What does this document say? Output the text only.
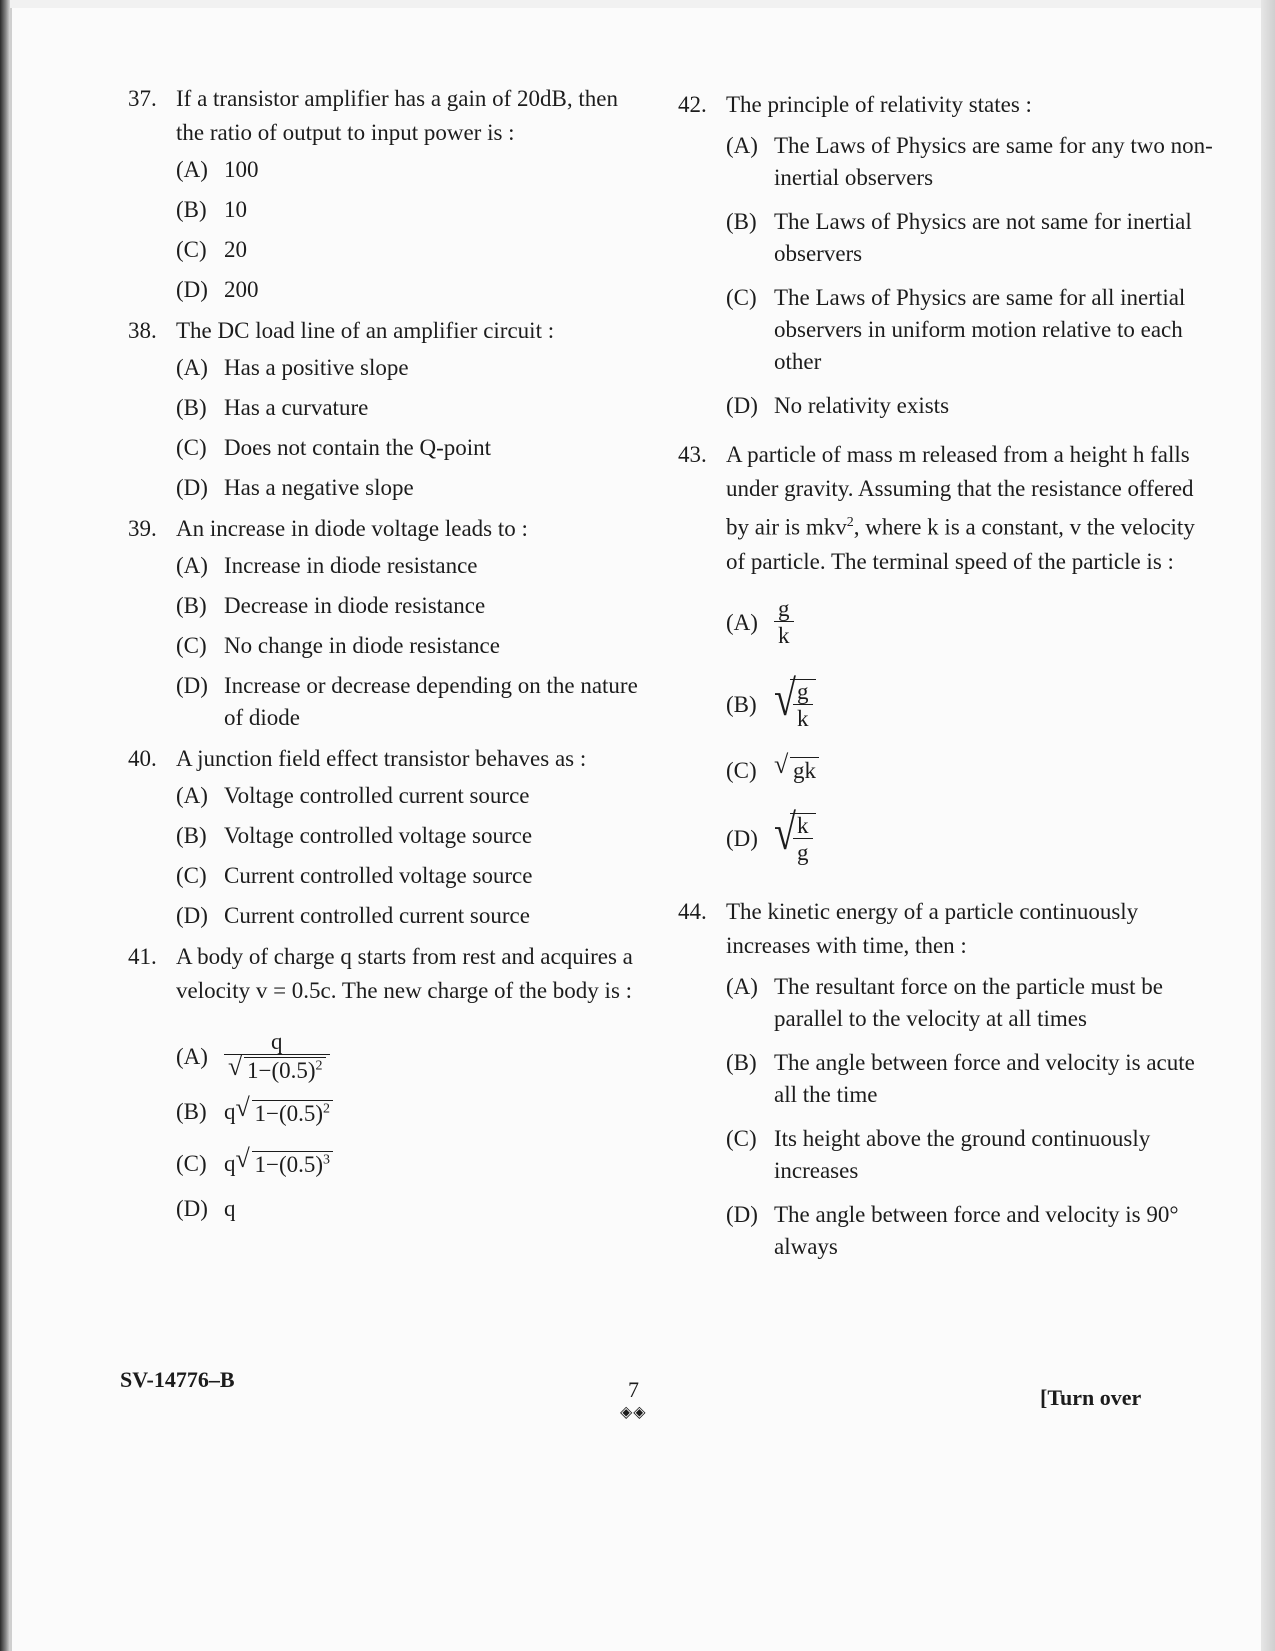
37. If a transistor amplifier has a gain of 20dB, then the ratio of output to input power is :

(A) 100
(B) 10
(C) 20
(D) 200
38. The DC load line of an amplifier circuit :

(A) Has a positive slope
(B) Has a curvature
(C) Does not contain the Q-point
(D) Has a negative slope
39. An increase in diode voltage leads to :

(A) Increase in diode resistance
(B) Decrease in diode resistance
(C) No change in diode resistance
(D) Increase or decrease depending on the nature of diode
40. A junction field effect transistor behaves as :

(A) Voltage controlled current source
(B) Voltage controlled voltage source
(C) Current controlled voltage source
(D) Current controlled current source
41. A body of charge q starts from rest and acquires a velocity v = 0.5c. The new charge of the body is :

$(A) \frac{q}{√ 1-(0.5)^2}$
(B) q √ $1-(0.5)^2$
(C) q √ $1-(0.5)^3$
(D) q
42. The principle of relativity states :

(A) The Laws of Physics are same for any two non-inertial observers
(B) The Laws of Physics are not same for inertial observers
(C) The Laws of Physics are same for all inertial observers in uniform motion relative to each other
(D) No relativity exists
43. A particle of mass m released from a height h falls under gravity. Assuming that the resistance offered by air is mkv$^2$, where k is a constant, v the velocity of particle. The terminal speed of the particle is :

$(A) \frac{g}{k}$
(B) √
$\frac{g}{k}$
(C) √ gk
(D) √
$\frac{k}{g}$
44. The kinetic energy of a particle continuously increases with time, then :

(A) The resultant force on the particle must be parallel to the velocity at all times
(B) The angle between force and velocity is acute all the time
(C) Its height above the ground continuously increases
(D) The angle between force and velocity is 90° always
SV-14776–B	7
◈◈
[Turn over
